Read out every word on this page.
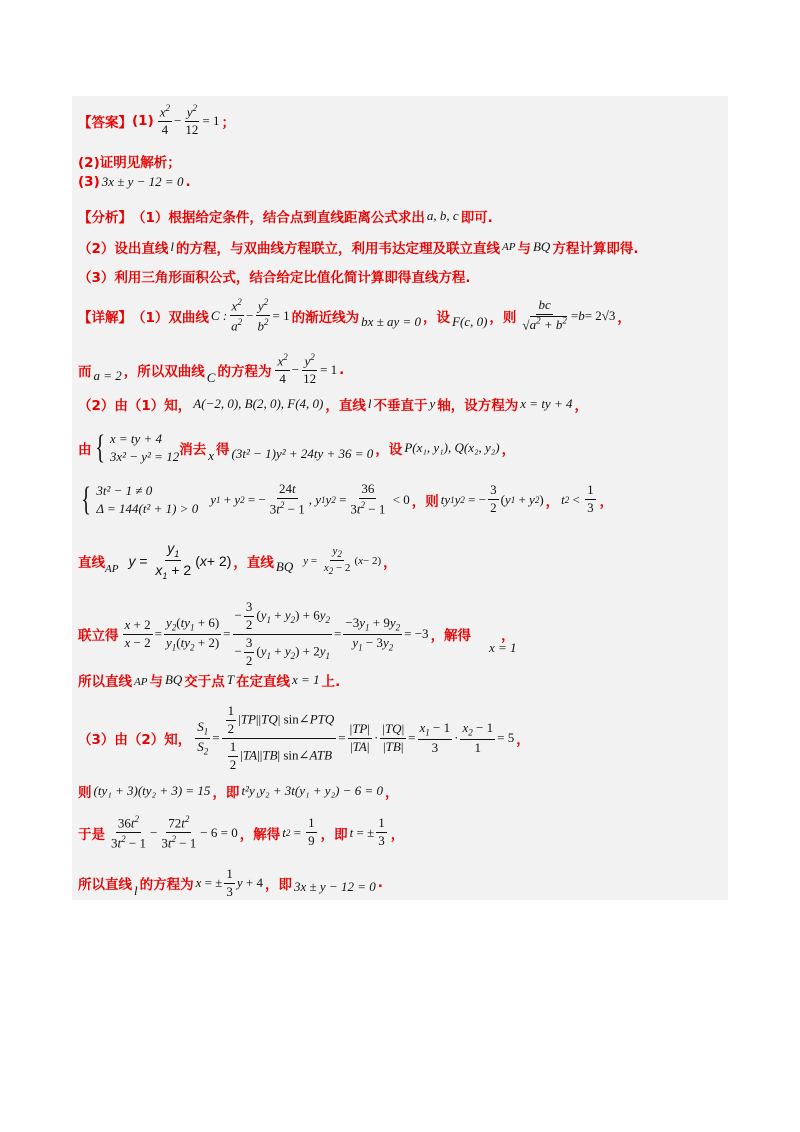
【答案】 $(1) \frac{x^2}{4} - \frac{y^2}{12} = 1$ ；
(2)证明见解析；
(3) 3x ± y − 12 = 0 .
【分析】 （1）根据给定条件，结合点到直线距离公式求出 a, b, c 即可.
（2）设出直线 l 的方程，与双曲线方程联立，利用韦达定理及联立直线 AP 与 BQ 方程计算即得.
（3）利用三角形面积公式，结合给定比值化简计算即得直线方程.
【详解】 （1）双曲线 C : $\frac{x^2}{a^2} - \frac{y^2}{b^2} = 1$ 的渐近线为 bx ± ay = 0 ，设 F(c, 0) ，则 $\frac{bc}{√a^2 + b^2} = b = 2√3$ ，
而 a = 2 ，所以双曲线 C 的方程为 $\frac{x^2}{4} - \frac{y^2}{12} = 1$ .
（2）由（1）知， A(−2, 0), B(2, 0), F(4, 0) ，直线 l 不垂直于 y 轴，设方程为 x = ty + 4 ，
由 { x = ty + 4
3x² − y² = 12 消去 x 得 (3t² − 1)y² + 24ty + 36 = 0 ，设 P(x₁, y₁), Q(x₂, y₂) ，
{ 3t² − 1 ≠ 0
Δ = 144(t² + 1) > 0
y 1 + y 2 = − $\frac{24t}{3t^2 - 1}$ , y 1 y $2 = \frac{36}{3t^2 - 1} < 0$ ，则 ty 1 y 2 = − $\frac{3}{2}$ ( y 1 + y 2 ) ， t $2 < \frac{1}{3}$ ，
直线 AP $y = \frac{y_1}{x_1 + 2}$ ( x + 2) ，直线 BQ $y = \frac{y_2}{x_2 - 2}$ ( x − 2) ，
联立得 $\frac{x + 2}{x - 2} = \frac{y_2(ty_1 + 6)}{y_1(ty_2 + 2)} = \frac{- \frac{3}{2} (y_1 + y_2) + 6y_2}{- \frac{3}{2} (y_1 + y_2) + 2y_1} = \frac{-3y_1 + 9y_2}{y_1 - 3y_2} = -3$ ，解得 ，
x = 1
所以直线 AP 与 BQ 交于点 T 在定直线 x = 1 上.
（3）由（2）知， $\frac{S_1}{S_2} = \frac{\frac{1}{2} |TP||TQ| \sin\angle PTQ}{\frac{1}{2} |TA||TB| \sin\angle ATB} = \frac{|TP|}{|TA|} \cdot \frac{|TQ|}{|TB|} = \frac{x_1 - 1}{3} \cdot \frac{x_2 - 1}{1} = 5$ ，
则 (ty₁ + 3)(ty₂ + 3) = 15 ，即 t²y₁y₂ + 3t(y₁ + y₂) − 6 = 0 ，
于是 $\frac{36t^2}{3t^2 - 1} - \frac{72t^2}{3t^2 - 1} - 6 = 0$ ，解得 t $2 = \frac{1}{9}$ ，即 t = ± $\frac{1}{3}$ ，
所以直线 l 的方程为 x = ± $\frac{1}{3}$ y + 4 ，即 3x ± y − 12 = 0 .
